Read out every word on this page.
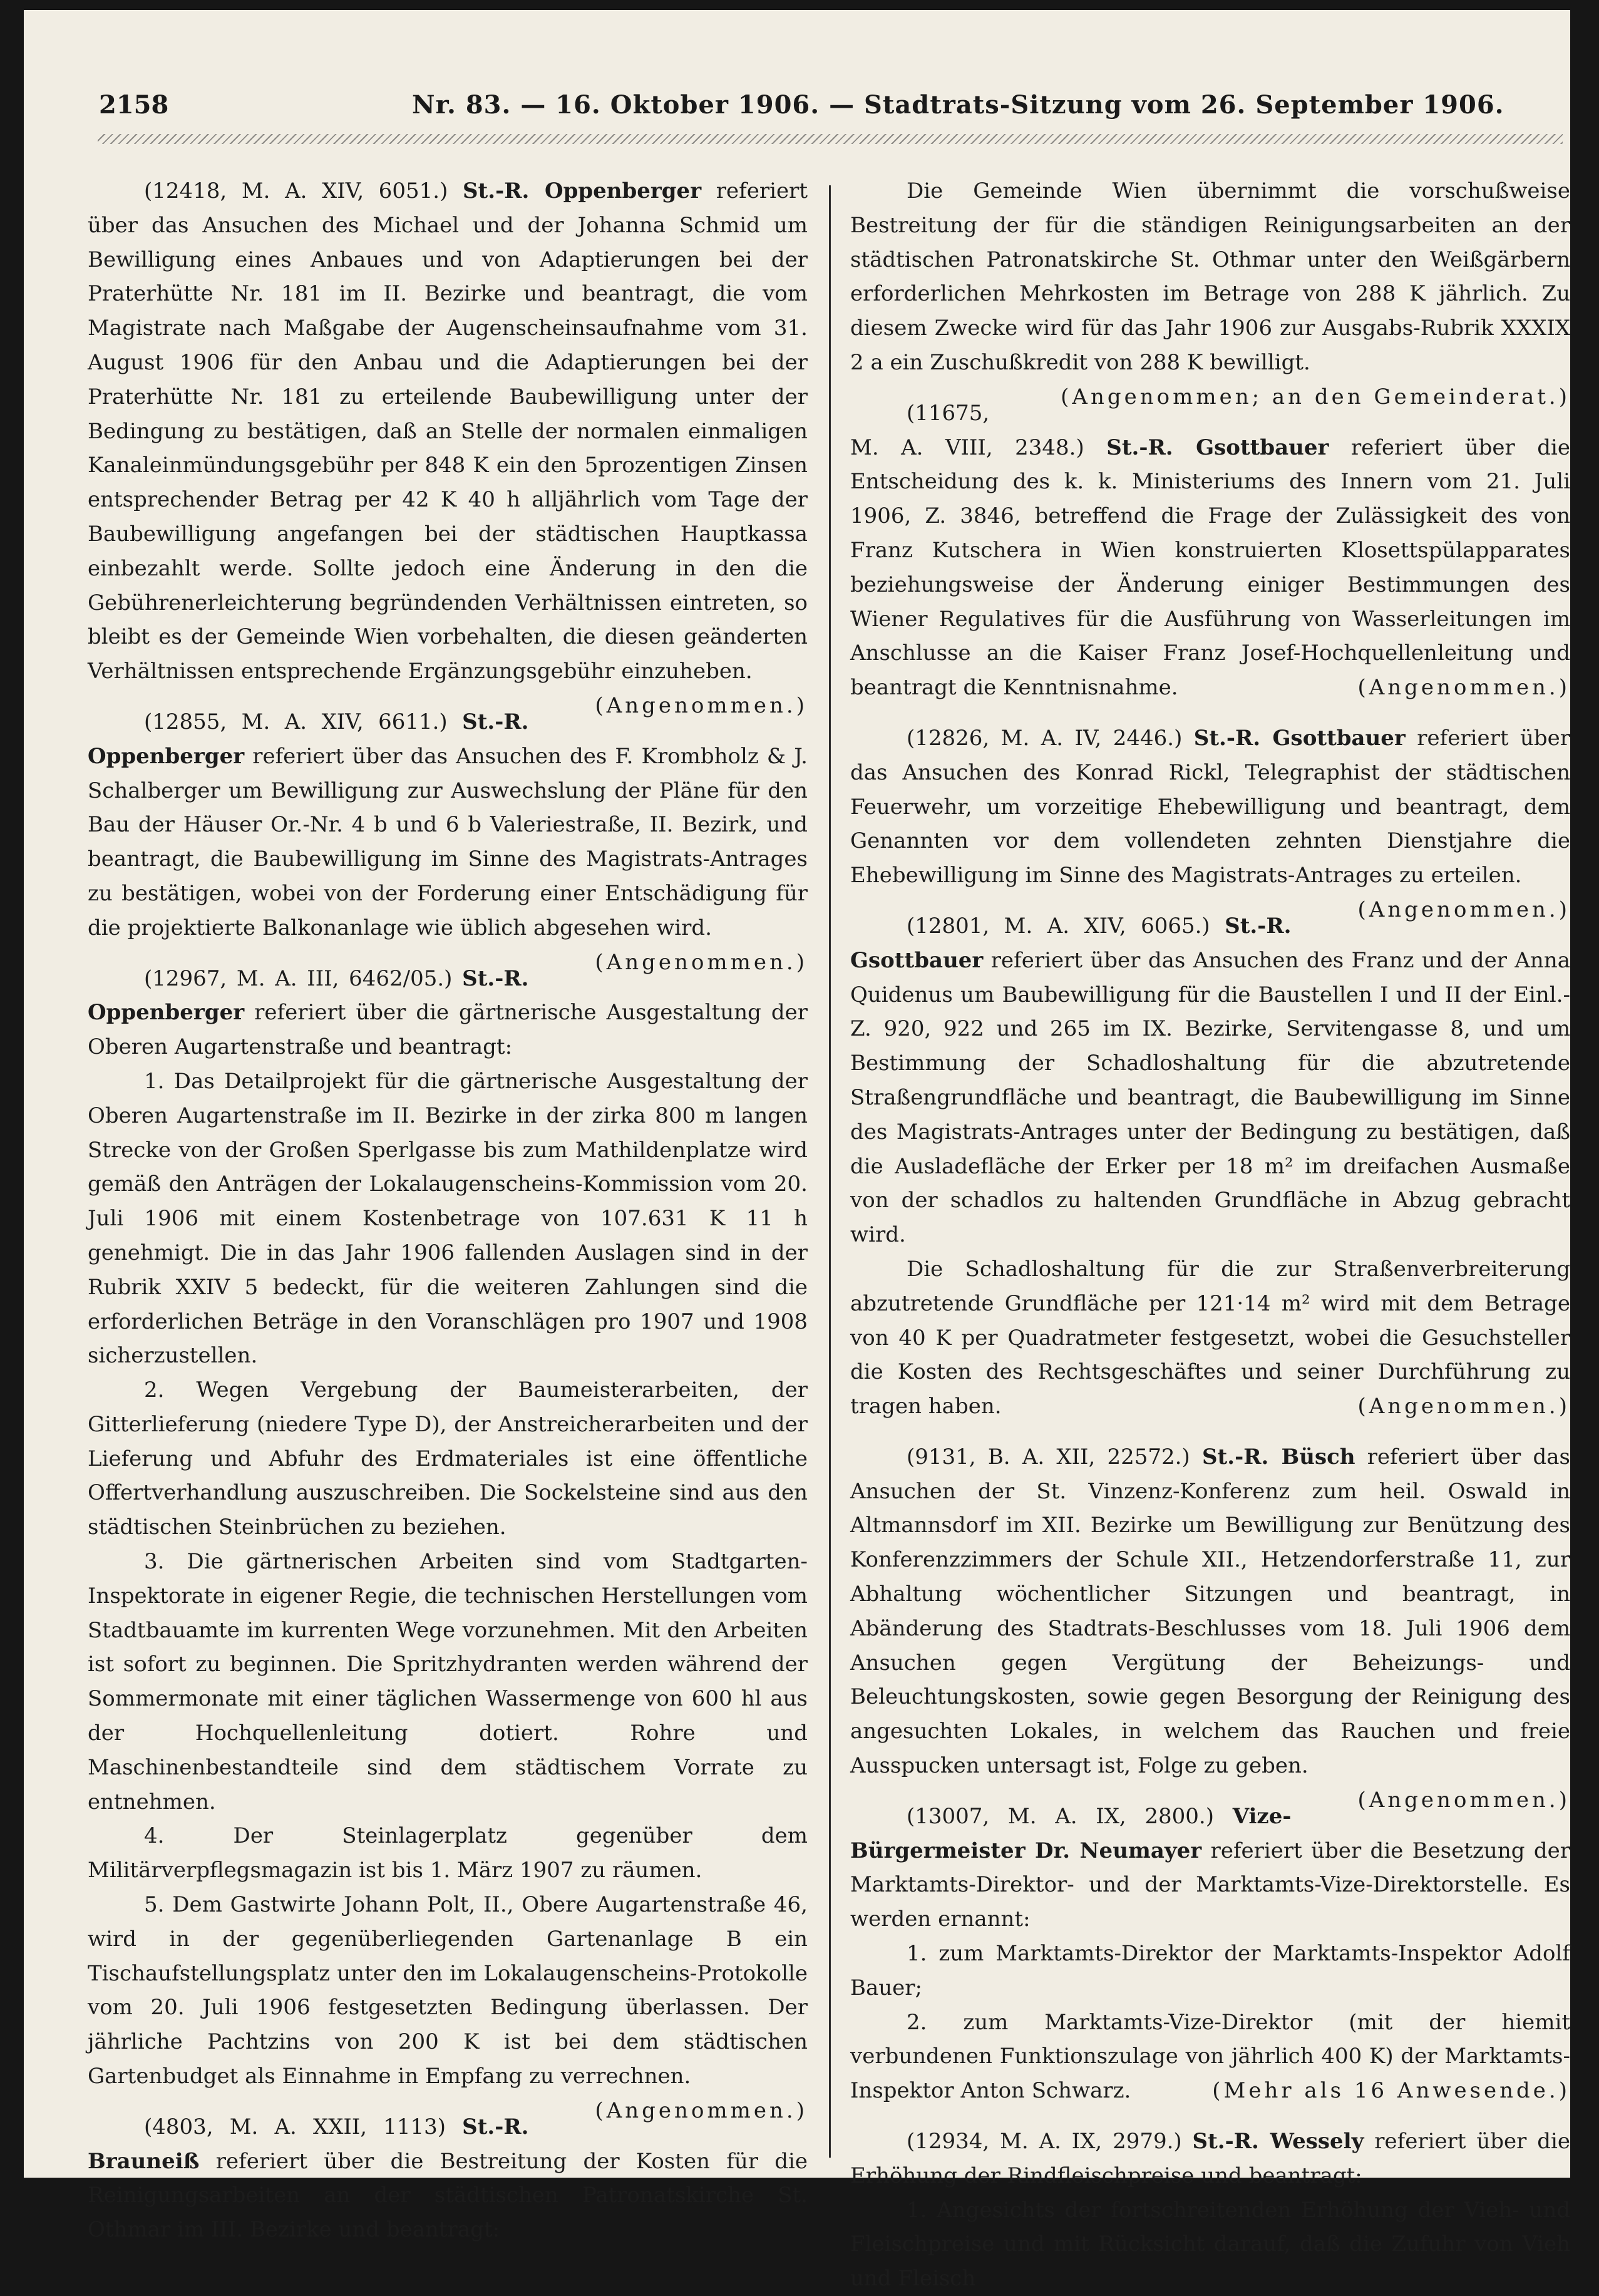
2158	Nr. 83. — 16. Oktober 1906. — Stadtrats-Sitzung vom 26. September 1906.

(12418, M. A. XIV, 6051.) St.-R. Oppenberger referiert über das Ansuchen des Michael und der Johanna Schmid um Bewilligung eines Anbaues und von Adaptierungen bei der Praterhütte Nr. 181 im II. Bezirke und beantragt, die vom Magistrate nach Maßgabe der Augenscheinsaufnahme vom 31. August 1906 für den Anbau und die Adaptierungen bei der Praterhütte Nr. 181 zu erteilende Baubewilligung unter der Bedingung zu bestätigen, daß an Stelle der normalen einmaligen Kanaleinmündungsgebühr per 848 K ein den 5prozentigen Zinsen entsprechender Betrag per 42 K 40 h alljährlich vom Tage der Baubewilligung angefangen bei der städtischen Hauptkassa einbezahlt werde. Sollte jedoch eine Änderung in den die Gebührenerleichterung begründenden Verhältnissen eintreten, so bleibt es der Gemeinde Wien vorbehalten, die diesen geänderten Verhältnissen entsprechende Ergänzungsgebühr einzuheben.
(Angenommen.)

(12855, M. A. XIV, 6611.) St.-R. Oppenberger referiert über das Ansuchen des F. Krombholz & J. Schalberger um Bewilligung zur Auswechslung der Pläne für den Bau der Häuser Or.-Nr. 4 b und 6 b Valeriestraße, II. Bezirk, und beantragt, die Baubewilligung im Sinne des Magistrats-Antrages zu bestätigen, wobei von der Forderung einer Entschädigung für die projektierte Balkonanlage wie üblich abgesehen wird.
(Angenommen.)

(12967, M. A. III, 6462/05.) St.-R. Oppenberger referiert über die gärtnerische Ausgestaltung der Oberen Augartenstraße und beantragt:

1. Das Detailprojekt für die gärtnerische Ausgestaltung der Oberen Augartenstraße im II. Bezirke in der zirka 800 m langen Strecke von der Großen Sperlgasse bis zum Mathildenplatze wird gemäß den Anträgen der Lokalaugenscheins-Kommission vom 20. Juli 1906 mit einem Kostenbetrage von 107.631 K 11 h genehmigt. Die in das Jahr 1906 fallenden Auslagen sind in der Rubrik XXIV 5 bedeckt, für die weiteren Zahlungen sind die erforderlichen Beträge in den Voranschlägen pro 1907 und 1908 sicherzustellen.

2. Wegen Vergebung der Baumeisterarbeiten, der Gitterlieferung (niedere Type D), der Anstreicherarbeiten und der Lieferung und Abfuhr des Erdmateriales ist eine öffentliche Offertverhandlung auszuschreiben. Die Sockelsteine sind aus den städtischen Steinbrüchen zu beziehen.

3. Die gärtnerischen Arbeiten sind vom Stadtgarten-Inspektorate in eigener Regie, die technischen Herstellungen vom Stadtbauamte im kurrenten Wege vorzunehmen. Mit den Arbeiten ist sofort zu beginnen. Die Spritzhydranten werden während der Sommermonate mit einer täglichen Wassermenge von 600 hl aus der Hochquellenleitung dotiert. Rohre und Maschinenbestandteile sind dem städtischem Vorrate zu entnehmen.

4. Der Steinlagerplatz gegenüber dem Militärverpflegsmagazin ist bis 1. März 1907 zu räumen.

5. Dem Gastwirte Johann Polt, II., Obere Augartenstraße 46, wird in der gegenüberliegenden Gartenanlage B ein Tischaufstellungsplatz unter den im Lokalaugenscheins-Protokolle vom 20. Juli 1906 festgesetzten Bedingung überlassen. Der jährliche Pachtzins von 200 K ist bei dem städtischen Gartenbudget als Einnahme in Empfang zu verrechnen.
(Angenommen.)

(4803, M. A. XXII, 1113) St.-R. Brauneiß referiert über die Bestreitung der Kosten für die Reinigungsarbeiten an der städtischen Patronatskirche St. Othmar im III. Bezirke und beantragt:

Die Gemeinde Wien übernimmt die vorschußweise Bestreitung der für die ständigen Reinigungsarbeiten an der städtischen Patronatskirche St. Othmar unter den Weißgärbern erforderlichen Mehrkosten im Betrage von 288 K jährlich. Zu diesem Zwecke wird für das Jahr 1906 zur Ausgabs-Rubrik XXXIX 2 a ein Zuschußkredit von 288 K bewilligt.
(Angenommen; an den Gemeinderat.)

(11675, M. A. VIII, 2348.) St.-R. Gsottbauer referiert über die Entscheidung des k. k. Ministeriums des Innern vom 21. Juli 1906, Z. 3846, betreffend die Frage der Zulässigkeit des von Franz Kutschera in Wien konstruierten Klosettspülapparates beziehungsweise der Änderung einiger Bestimmungen des Wiener Regulatives für die Ausführung von Wasserleitungen im Anschlusse an die Kaiser Franz Josef-Hochquellenleitung und beantragt die Kenntnisnahme.	(Angenommen.)

(12826, M. A. IV, 2446.) St.-R. Gsottbauer referiert über das Ansuchen des Konrad Rickl, Telegraphist der städtischen Feuerwehr, um vorzeitige Ehebewilligung und beantragt, dem Genannten vor dem vollendeten zehnten Dienstjahre die Ehebewilligung im Sinne des Magistrats-Antrages zu erteilen.
(Angenommen.)

(12801, M. A. XIV, 6065.) St.-R. Gsottbauer referiert über das Ansuchen des Franz und der Anna Quidenus um Baubewilligung für die Baustellen I und II der Einl.-Z. 920, 922 und 265 im IX. Bezirke, Servitengasse 8, und um Bestimmung der Schadloshaltung für die abzutretende Straßengrundfläche und beantragt, die Baubewilligung im Sinne des Magistrats-Antrages unter der Bedingung zu bestätigen, daß die Ausladefläche der Erker per 18 m² im dreifachen Ausmaße von der schadlos zu haltenden Grundfläche in Abzug gebracht wird.

Die Schadloshaltung für die zur Straßenverbreiterung abzutretende Grundfläche per 121·14 m² wird mit dem Betrage von 40 K per Quadratmeter festgesetzt, wobei die Gesuchsteller die Kosten des Rechtsgeschäftes und seiner Durchführung zu tragen haben.	(Angenommen.)

(9131, B. A. XII, 22572.) St.-R. Büsch referiert über das Ansuchen der St. Vinzenz-Konferenz zum heil. Oswald in Altmannsdorf im XII. Bezirke um Bewilligung zur Benützung des Konferenzzimmers der Schule XII., Hetzendorferstraße 11, zur Abhaltung wöchentlicher Sitzungen und beantragt, in Abänderung des Stadtrats-Beschlusses vom 18. Juli 1906 dem Ansuchen gegen Vergütung der Beheizungs- und Beleuchtungskosten, sowie gegen Besorgung der Reinigung des angesuchten Lokales, in welchem das Rauchen und freie Ausspucken untersagt ist, Folge zu geben.
(Angenommen.)

(13007, M. A. IX, 2800.) Vize-Bürgermeister Dr. Neumayer referiert über die Besetzung der Marktamts-Direktor- und der Marktamts-Vize-Direktorstelle. Es werden ernannt:

1. zum Marktamts-Direktor der Marktamts-Inspektor Adolf Bauer;

2. zum Marktamts-Vize-Direktor (mit der hiemit verbundenen Funktionszulage von jährlich 400 K) der Marktamts-Inspektor Anton Schwarz.	(Mehr als 16 Anwesende.)

(12934, M. A. IX, 2979.) St.-R. Wessely referiert über die Erhöhung der Rindfleischpreise und beantragt:

1. Angesichts der fortschreitenden Erhöhung der Vieh- und Fleischpreise und mit Rücksicht darauf, daß die Zufuhr von Vieh und Fleisch
